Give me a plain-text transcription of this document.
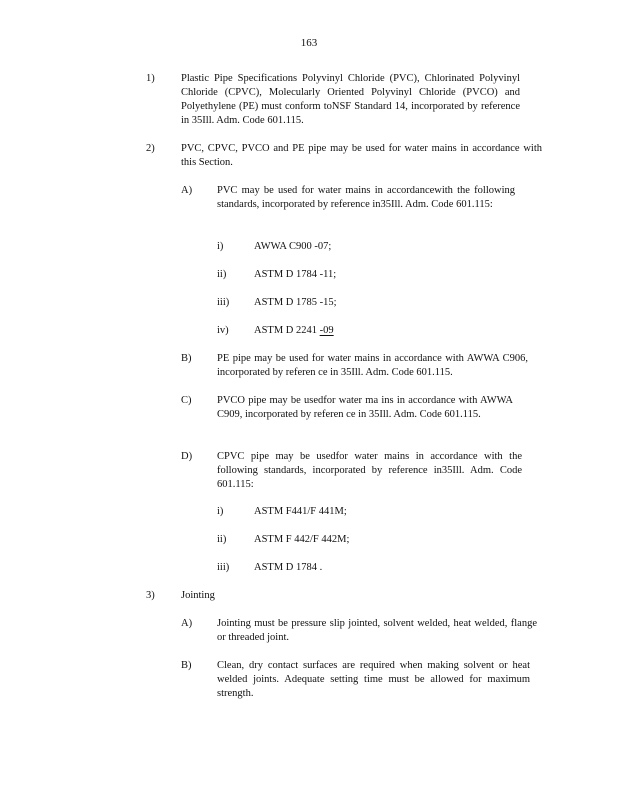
163
1)	Plastic Pipe Specifications Polyvinyl Chloride (PVC), Chlorinated Polyvinyl Chloride (CPVC), Molecularly Oriented Polyvinyl Chloride (PVCO) and Polyethylene (PE) must conform toNSF Standard 14, incorporated by reference in 35Ill. Adm. Code 601.115.

2)	PVC, CPVC, PVCO and PE pipe may be used for water mains in accordance with this Section.

A) PVC may be used for water mains in accordancewith the following standards, incorporated by reference in35Ill. Adm. Code 601.115:

i)	AWWA C900 -07;
ii)	ASTM D 1784 -11;
iii) ASTM D 1785 -15;
iv) ASTM D 2241 -09
B) PE pipe may be used for water mains in accordance with AWWA C906, incorporated by referen ce in 35Ill. Adm. Code 601.115.

C) PVCO pipe may be usedfor water ma ins in accordance with AWWA C909, incorporated by referen ce in 35Ill. Adm. Code 601.115.

D) CPVC pipe may be usedfor water mains in accordance with the following standards, incorporated by reference in35Ill. Adm. Code 601.115:

i)	ASTM F441/F 441M;
ii)	ASTM F 442/F 442M;
iii) ASTM D 1784 .
3)	Jointing
A) Jointing must be pressure slip jointed, solvent welded, heat welded, flange or threaded joint.

B) Clean, dry contact surfaces are required when making solvent or heat welded joints. Adequate setting time must be allowed for maximum strength.
